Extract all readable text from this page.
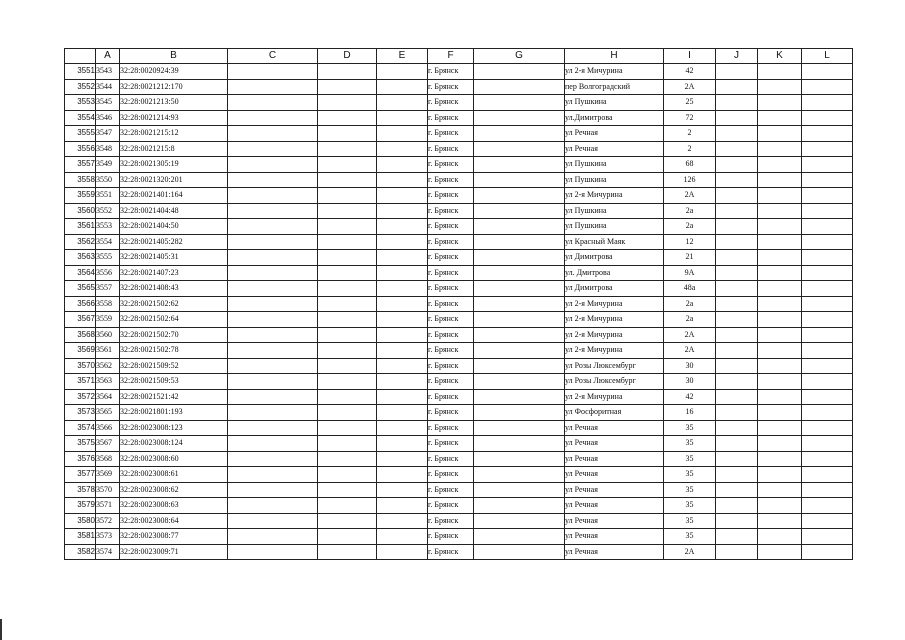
	A	B	C	D	E	F	G	H	I	J	K	L
3551	3543	32:28:0020924:39				г. Брянск		ул 2-я Мичурина	42			
3552	3544	32:28:0021212:170				г. Брянск		пер Волгоградский	2А			
3553	3545	32:28:0021213:50				г. Брянск		ул Пушкина	25			
3554	3546	32:28:0021214:93				г. Брянск		ул.Димитрова	72			
3555	3547	32:28:0021215:12				г. Брянск		ул Речная	2			
3556	3548	32:28:0021215:8				г. Брянск		ул Речная	2			
3557	3549	32:28:0021305:19				г. Брянск		ул Пушкина	68			
3558	3550	32:28:0021320:201				г. Брянск		ул Пушкина	126			
3559	3551	32:28:0021401:164				г. Брянск		ул 2-я Мичурина	2А			
3560	3552	32:28:0021404:48				г. Брянск		ул Пушкина	2а			
3561	3553	32:28:0021404:50				г. Брянск		ул Пушкина	2а			
3562	3554	32:28:0021405:282				г. Брянск		ул Красный Маяк	12			
3563	3555	32:28:0021405:31				г. Брянск		ул Димитрова	21			
3564	3556	32:28:0021407:23				г. Брянск		ул. Дмитрова	9А			
3565	3557	32:28:0021408:43				г. Брянск		ул Димитрова	48а			
3566	3558	32:28:0021502:62				г. Брянск		ул 2-я Мичурина	2а			
3567	3559	32:28:0021502:64				г. Брянск		ул 2-я Мичурина	2а			
3568	3560	32:28:0021502:70				г. Брянск		ул 2-я Мичурина	2А			
3569	3561	32:28:0021502:78				г. Брянск		ул 2-я Мичурина	2А			
3570	3562	32:28:0021509:52				г. Брянск		ул Розы Люксембург	30			
3571	3563	32:28:0021509:53				г. Брянск		ул Розы Люксембург	30			
3572	3564	32:28:0021521:42				г. Брянск		ул 2-я Мичурина	42			
3573	3565	32:28:0021801:193				г. Брянск		ул Фосфоритная	16			
3574	3566	32:28:0023008:123				г. Брянск		ул Речная	35			
3575	3567	32:28:0023008:124				г. Брянск		ул Речная	35			
3576	3568	32:28:0023008:60				г. Брянск		ул Речная	35			
3577	3569	32:28:0023008:61				г. Брянск		ул Речная	35			
3578	3570	32:28:0023008:62				г. Брянск		ул Речная	35			
3579	3571	32:28:0023008:63				г. Брянск		ул Речная	35			
3580	3572	32:28:0023008:64				г. Брянск		ул Речная	35			
3581	3573	32:28:0023008:77				г. Брянск		ул Речная	35			
3582	3574	32:28:0023009:71				г. Брянск		ул Речная	2А			
